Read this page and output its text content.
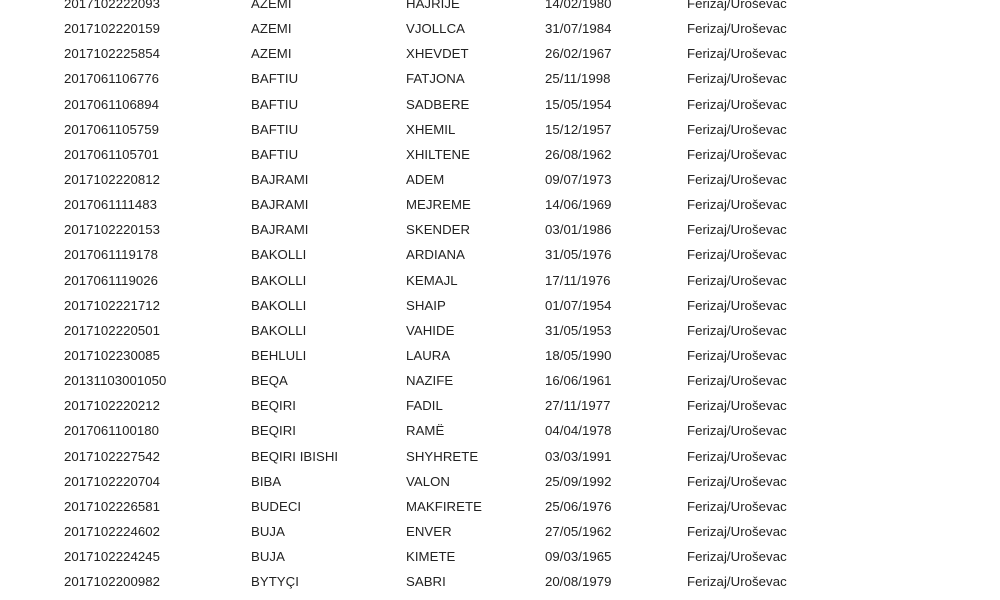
2017102222093	AZEMI	HAJRIJE	14/02/1980	Ferizaj/Uroševac
2017102220159	AZEMI	VJOLLCA	31/07/1984	Ferizaj/Uroševac
2017102225854	AZEMI	XHEVDET	26/02/1967	Ferizaj/Uroševac
2017061106776	BAFTIU	FATJONA	25/11/1998	Ferizaj/Uroševac
2017061106894	BAFTIU	SADBERE	15/05/1954	Ferizaj/Uroševac
2017061105759	BAFTIU	XHEMIL	15/12/1957	Ferizaj/Uroševac
2017061105701	BAFTIU	XHILTENE	26/08/1962	Ferizaj/Uroševac
2017102220812	BAJRAMI	ADEM	09/07/1973	Ferizaj/Uroševac
2017061111483	BAJRAMI	MEJREME	14/06/1969	Ferizaj/Uroševac
2017102220153	BAJRAMI	SKENDER	03/01/1986	Ferizaj/Uroševac
2017061119178	BAKOLLI	ARDIANA	31/05/1976	Ferizaj/Uroševac
2017061119026	BAKOLLI	KEMAJL	17/11/1976	Ferizaj/Uroševac
2017102221712	BAKOLLI	SHAIP	01/07/1954	Ferizaj/Uroševac
2017102220501	BAKOLLI	VAHIDE	31/05/1953	Ferizaj/Uroševac
2017102230085	BEHLULI	LAURA	18/05/1990	Ferizaj/Uroševac
20131103001050	BEQA	NAZIFE	16/06/1961	Ferizaj/Uroševac
2017102220212	BEQIRI	FADIL	27/11/1977	Ferizaj/Uroševac
2017061100180	BEQIRI	RAMË	04/04/1978	Ferizaj/Uroševac
2017102227542	BEQIRI IBISHI	SHYHRETE	03/03/1991	Ferizaj/Uroševac
2017102220704	BIBA	VALON	25/09/1992	Ferizaj/Uroševac
2017102226581	BUDECI	MAKFIRETE	25/06/1976	Ferizaj/Uroševac
2017102224602	BUJA	ENVER	27/05/1962	Ferizaj/Uroševac
2017102224245	BUJA	KIMETE	09/03/1965	Ferizaj/Uroševac
2017102200982	BYTYÇI	SABRI	20/08/1979	Ferizaj/Uroševac
